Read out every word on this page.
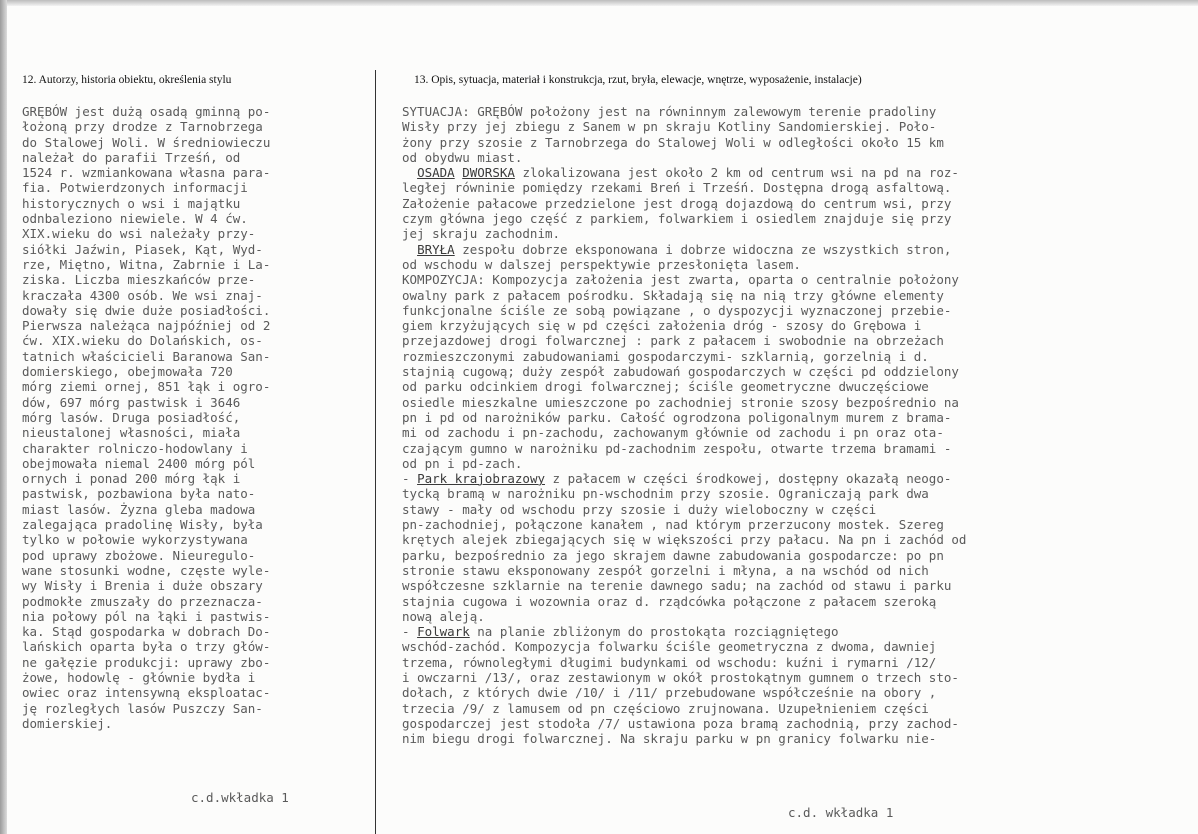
12. Autorzy, historia obiektu, określenia stylu	13. Opis, sytuacja, materiał i konstrukcja, rzut, bryła, elewacje, wnętrze, wyposażenie, instalacje)
GRĘBÓW jest dużą osadą gminną po-
łożoną przy drodze z Tarnobrzega
do Stalowej Woli. W średniowieczu
należał do parafii Trześń, od
1524 r. wzmiankowana własna para-
fia. Potwierdzonych informacji
historycznych o wsi i majątku
odnbaleziono niewiele. W 4 ćw.
XIX.wieku do wsi należały przy-
siółki Jaźwin, Piasek, Kąt, Wyd-
rze, Miętno, Witna, Zabrnie i La-
ziska. Liczba mieszkańców prze-
kraczała 4300 osób. We wsi znaj-
dowały się dwie duże posiadłości.
Pierwsza należąca najpóźniej od 2
ćw. XIX.wieku do Dolańskich, os-
tatnich właścicieli Baranowa San-
domierskiego, obejmowała 720
mórg ziemi ornej, 851 łąk i ogro-
dów, 697 mórg pastwisk i 3646
mórg lasów. Druga posiadłość,
nieustalonej własności, miała
charakter rolniczo-hodowlany i
obejmowała niemal 2400 mórg pól
ornych i ponad 200 mórg łąk i
pastwisk, pozbawiona była nato-
miast lasów. Żyzna gleba madowa
zalegająca pradolinę Wisły, była
tylko w połowie wykorzystywana
pod uprawy zbożowe. Nieuregulo-
wane stosunki wodne, częste wyle-
wy Wisły i Brenia i duże obszary
podmokłe zmuszały do przeznacza-
nia połowy pól na łąki i pastwis-
ka. Stąd gospodarka w dobrach Do-
lańskich oparta była o trzy głów-
ne gałęzie produkcji: uprawy zbo-
żowe, hodowlę - głównie bydła i
owiec oraz intensywną eksploatac-
ję rozległych lasów Puszczy San-
domierskiej.
SYTUACJA: GRĘBÓW położony jest na równinnym zalewowym terenie pradoliny
Wisły przy jej zbiegu z Sanem w pn skraju Kotliny Sandomierskiej. Poło-
żony przy szosie z Tarnobrzega do Stalowej Woli w odległości około 15 km
od obydwu miast.
OSADA DWORSKA zlokalizowana jest około 2 km od centrum wsi na pd na roz-
ległej równinie pomiędzy rzekami Breń i Trześń. Dostępna drogą asfaltową.
Założenie pałacowe przedzielone jest drogą dojazdową do centrum wsi, przy
czym główna jego część z parkiem, folwarkiem i osiedlem znajduje się przy
jej skraju zachodnim.
BRYŁA zespołu dobrze eksponowana i dobrze widoczna ze wszystkich stron,
od wschodu w dalszej perspektywie przesłonięta lasem.
KOMPOZYCJA: Kompozycja założenia jest zwarta, oparta o centralnie położony
owalny park z pałacem pośrodku. Składają się na nią trzy główne elementy
funkcjonalne ściśle ze sobą powiązane , o dyspozycji wyznaczonej przebie-
giem krzyżujących się w pd części założenia dróg - szosy do Grębowa i
przejazdowej drogi folwarcznej : park z pałacem i swobodnie na obrzeżach
rozmieszczonymi zabudowaniami gospodarczymi- szklarnią, gorzelnią i d.
stajnią cugową; duży zespół zabudowań gospodarczych w części pd oddzielony
od parku odcinkiem drogi folwarcznej; ściśle geometryczne dwuczęściowe
osiedle mieszkalne umieszczone po zachodniej stronie szosy bezpośrednio na
pn i pd od narożników parku. Całość ogrodzona poligonalnym murem z brama-
mi od zachodu i pn-zachodu, zachowanym głównie od zachodu i pn oraz ota-
czającym gumno w narożniku pd-zachodnim zespołu, otwarte trzema bramami -
od pn i pd-zach.
- Park krajobrazowy z pałacem w części środkowej, dostępny okazałą neogo-
tycką bramą w narożniku pn-wschodnim przy szosie. Ograniczają park dwa
stawy - mały od wschodu przy szosie i duży wieloboczny w części
pn-zachodniej, połączone kanałem , nad którym przerzucony mostek. Szereg
krętych alejek zbiegających się w większości przy pałacu. Na pn i zachód od
parku, bezpośrednio za jego skrajem dawne zabudowania gospodarcze: po pn
stronie stawu eksponowany zespół gorzelni i młyna, a na wschód od nich
współczesne szklarnie na terenie dawnego sadu; na zachód od stawu i parku
stajnia cugowa i wozownia oraz d. rządcówka połączone z pałacem szeroką
nową aleją.
- Folwark na planie zbliżonym do prostokąta rozciągniętego
wschód-zachód. Kompozycja folwarku ściśle geometryczna z dwoma, dawniej
trzema, równoległymi długimi budynkami od wschodu: kuźni i rymarni /12/
i owczarni /13/, oraz zestawionym w okół prostokątnym gumnem o trzech sto-
dołach, z których dwie /10/ i /11/ przebudowane współcześnie na obory ,
trzecia /9/ z lamusem od pn częściowo zrujnowana. Uzupełnieniem części
gospodarczej jest stodoła /7/ ustawiona poza bramą zachodnią, przy zachod-
nim biegu drogi folwarcznej. Na skraju parku w pn granicy folwarku nie-
c.d.wkładka 1
c.d. wkładka 1
